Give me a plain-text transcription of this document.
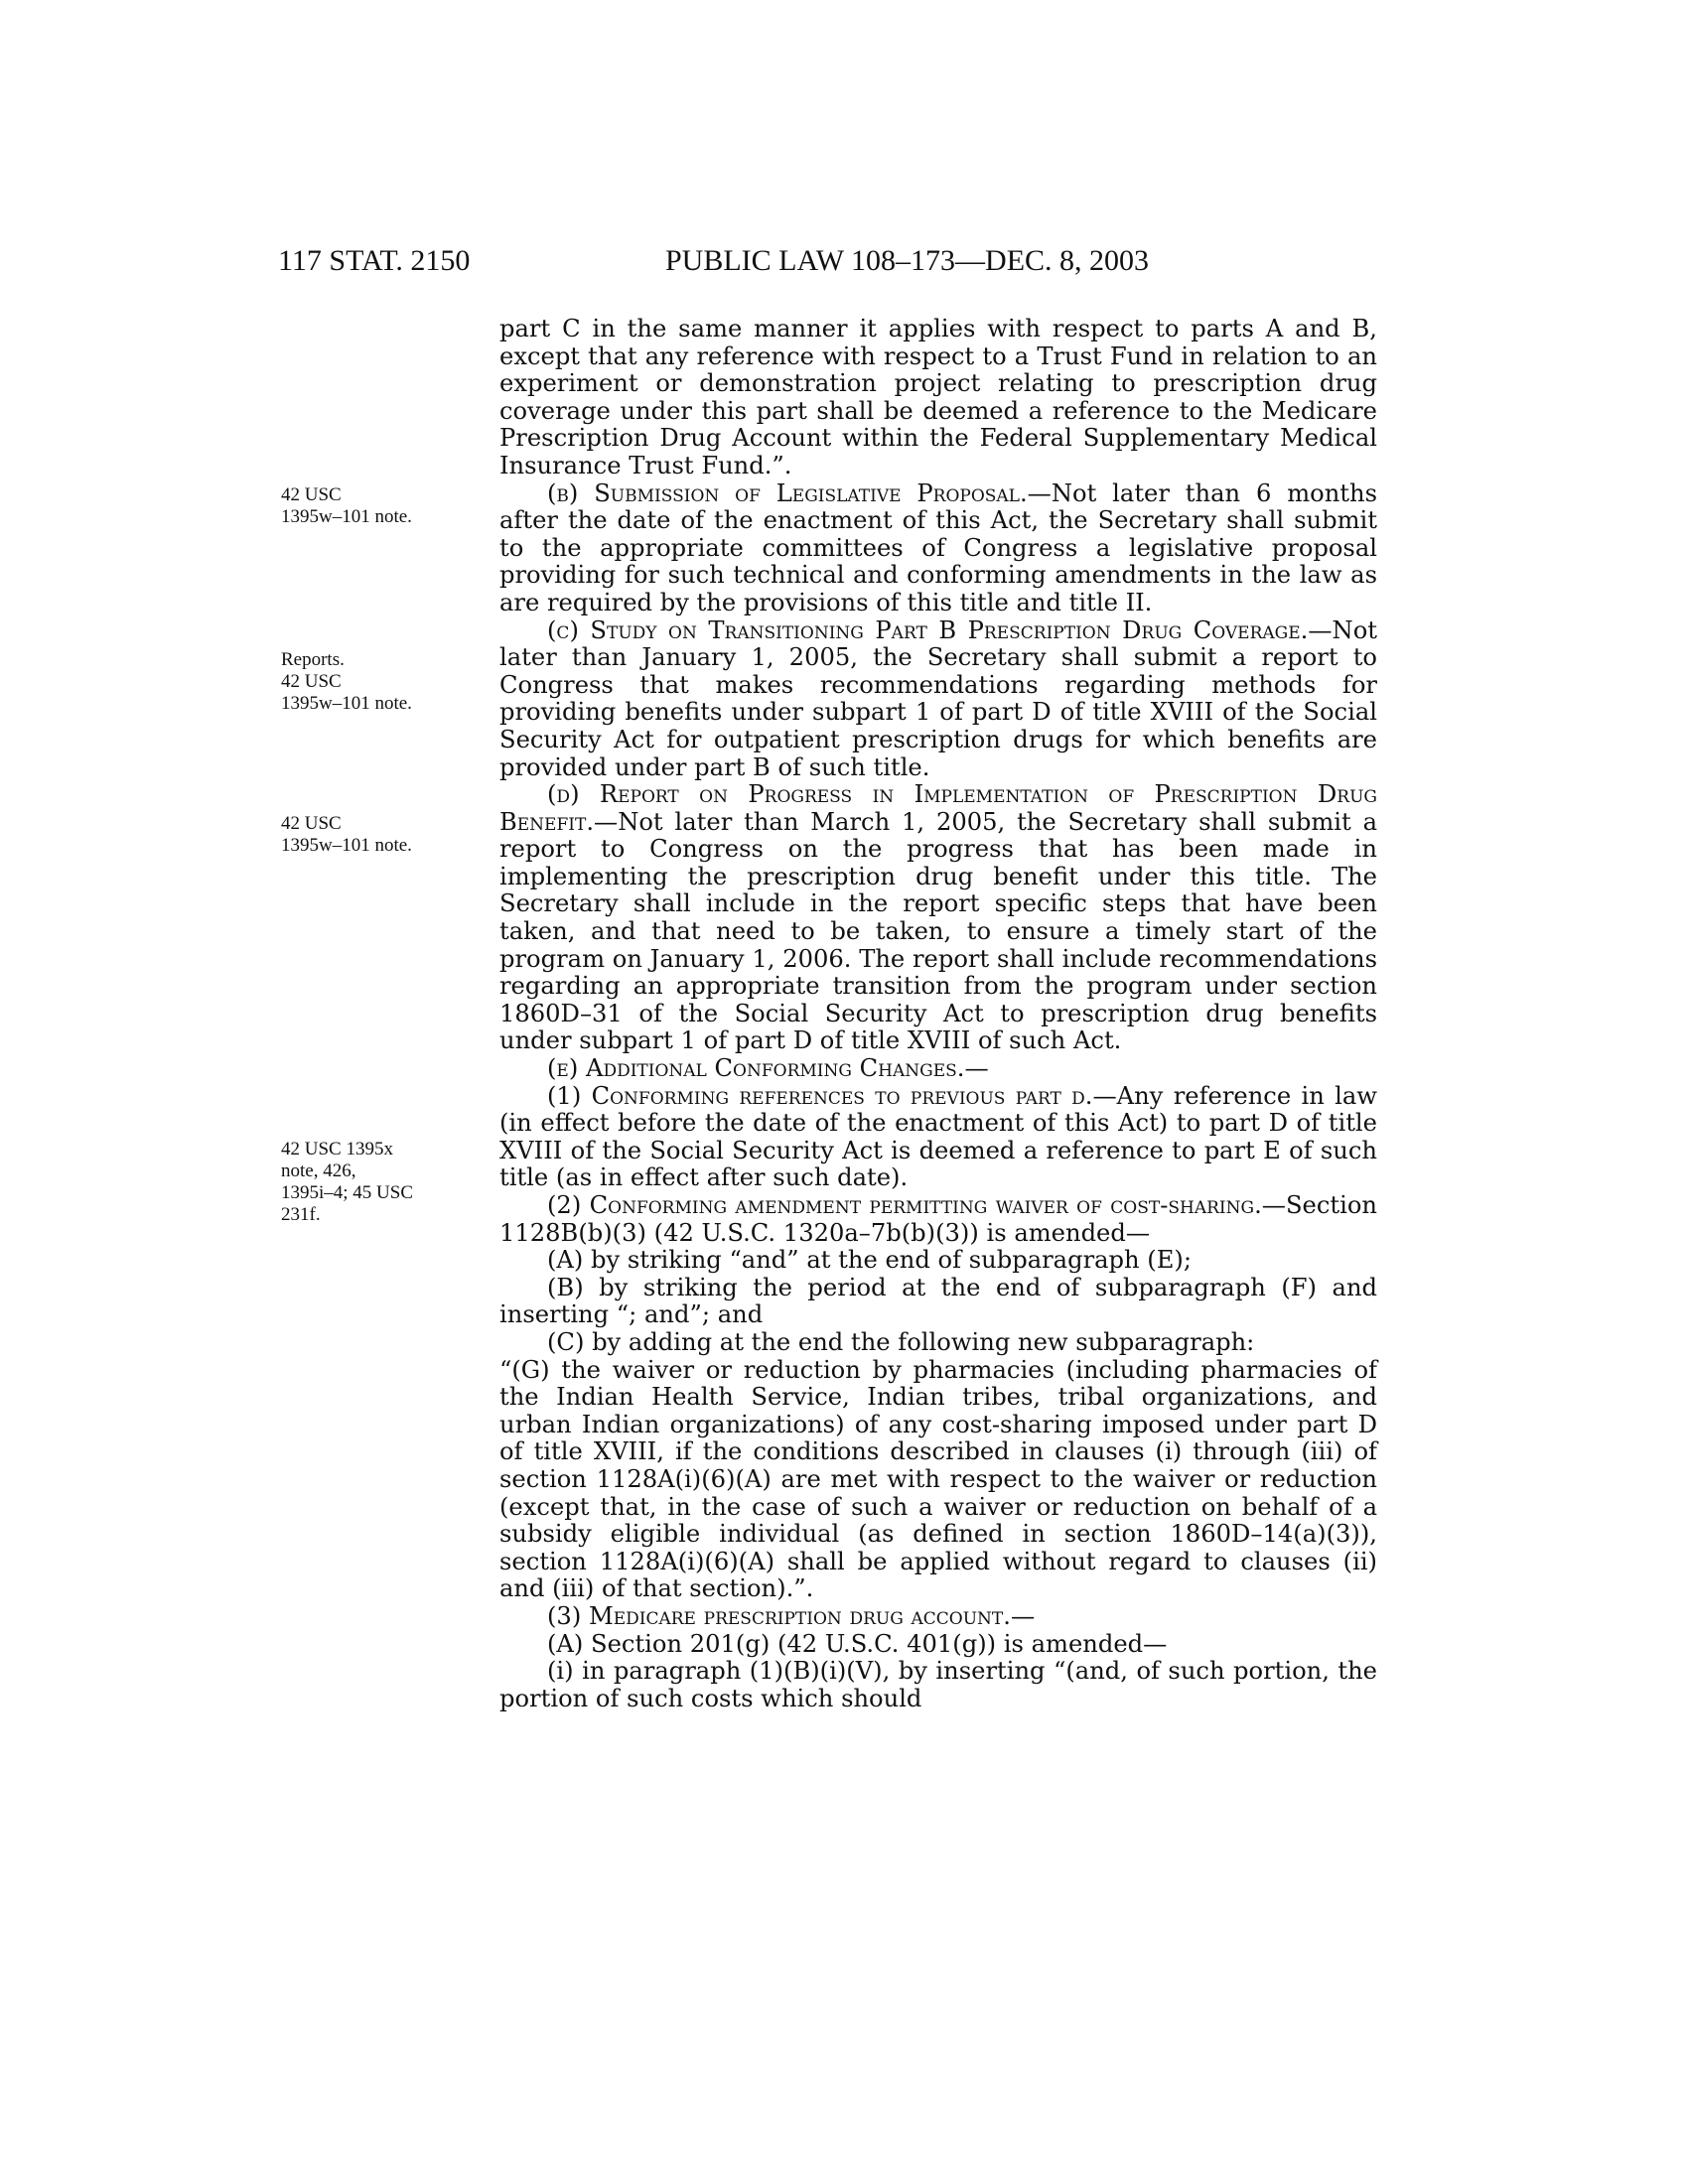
117 STAT. 2150	PUBLIC LAW 108–173—DEC. 8, 2003
42 USC
1395w–101 note.
Reports.
42 USC
1395w–101 note.
42 USC
1395w–101 note.
42 USC 1395x
note, 426,
1395i–4; 45 USC
231f.

part C in the same manner it applies with respect to parts A and B, except that any reference with respect to a Trust Fund in relation to an experiment or demonstration project relating to prescription drug coverage under this part shall be deemed a reference to the Medicare Prescription Drug Account within the Federal Supplementary Medical Insurance Trust Fund.”.

(b) Submission of Legislative Proposal.—Not later than 6 months after the date of the enactment of this Act, the Secretary shall submit to the appropriate committees of Congress a legislative proposal providing for such technical and conforming amendments in the law as are required by the provisions of this title and title II.

(c) Study on Transitioning Part B Prescription Drug Coverage.—Not later than January 1, 2005, the Secretary shall submit a report to Congress that makes recommendations regarding methods for providing benefits under subpart 1 of part D of title XVIII of the Social Security Act for outpatient prescription drugs for which benefits are provided under part B of such title.

(d) Report on Progress in Implementation of Prescription Drug Benefit.—Not later than March 1, 2005, the Secretary shall submit a report to Congress on the progress that has been made in implementing the prescription drug benefit under this title. The Secretary shall include in the report specific steps that have been taken, and that need to be taken, to ensure a timely start of the program on January 1, 2006. The report shall include recommendations regarding an appropriate transition from the program under section 1860D–31 of the Social Security Act to prescription drug benefits under subpart 1 of part D of title XVIII of such Act.

(e) Additional Conforming Changes.—

(1) Conforming references to previous part d.—Any reference in law (in effect before the date of the enactment of this Act) to part D of title XVIII of the Social Security Act is deemed a reference to part E of such title (as in effect after such date).

(2) Conforming amendment permitting waiver of cost-sharing.—Section 1128B(b)(3) (42 U.S.C. 1320a–7b(b)(3)) is amended—

(A) by striking “and” at the end of subparagraph (E);

(B) by striking the period at the end of subparagraph (F) and inserting “; and”; and

(C) by adding at the end the following new subparagraph:

“(G) the waiver or reduction by pharmacies (including pharmacies of the Indian Health Service, Indian tribes, tribal organizations, and urban Indian organizations) of any cost-sharing imposed under part D of title XVIII, if the conditions described in clauses (i) through (iii) of section 1128A(i)(6)(A) are met with respect to the waiver or reduction (except that, in the case of such a waiver or reduction on behalf of a subsidy eligible individual (as defined in section 1860D–14(a)(3)), section 1128A(i)(6)(A) shall be applied without regard to clauses (ii) and (iii) of that section).”.

(3) Medicare prescription drug account.—

(A) Section 201(g) (42 U.S.C. 401(g)) is amended—

(i) in paragraph (1)(B)(i)(V), by inserting “(and, of such portion, the portion of such costs which should
